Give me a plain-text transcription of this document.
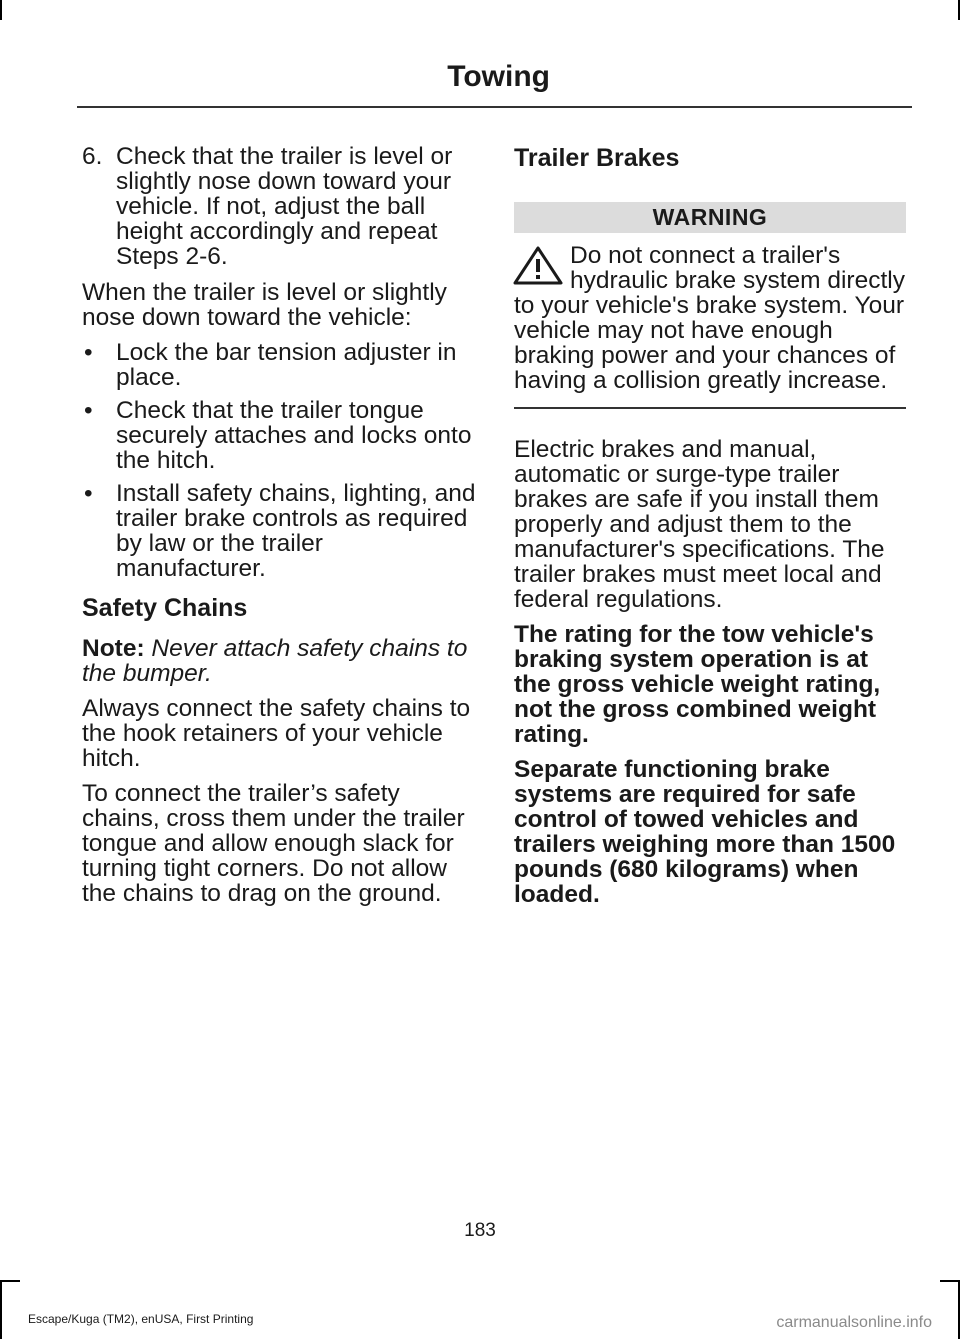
Towing
6. Check that the trailer is level or slightly nose down toward your vehicle. If not, adjust the ball height accordingly and repeat Steps 2-6.

When the trailer is level or slightly nose down toward the vehicle:

• Lock the bar tension adjuster in place.
• Check that the trailer tongue securely attaches and locks onto the hitch.
• Install safety chains, lighting, and trailer brake controls as required by law or the trailer manufacturer.
Safety Chains

Note: Never attach safety chains to the bumper.

Always connect the safety chains to the hook retainers of your vehicle hitch.

To connect the trailer’s safety chains, cross them under the trailer tongue and allow enough slack for turning tight corners. Do not allow the chains to drag on the ground.

Trailer Brakes
WARNING

Do not connect a trailer's hydraulic brake system directly to your vehicle's brake system. Your vehicle may not have enough braking power and your chances of having a collision greatly increase.

Electric brakes and manual, automatic or surge-type trailer brakes are safe if you install them properly and adjust them to the manufacturer's specifications. The trailer brakes must meet local and federal regulations.

The rating for the tow vehicle's braking system operation is at the gross vehicle weight rating, not the gross combined weight rating.

Separate functioning brake systems are required for safe control of towed vehicles and trailers weighing more than 1500 pounds (680 kilograms) when loaded.

183
Escape/Kuga (TM2), enUSA, First Printing	carmanualsonline.info
